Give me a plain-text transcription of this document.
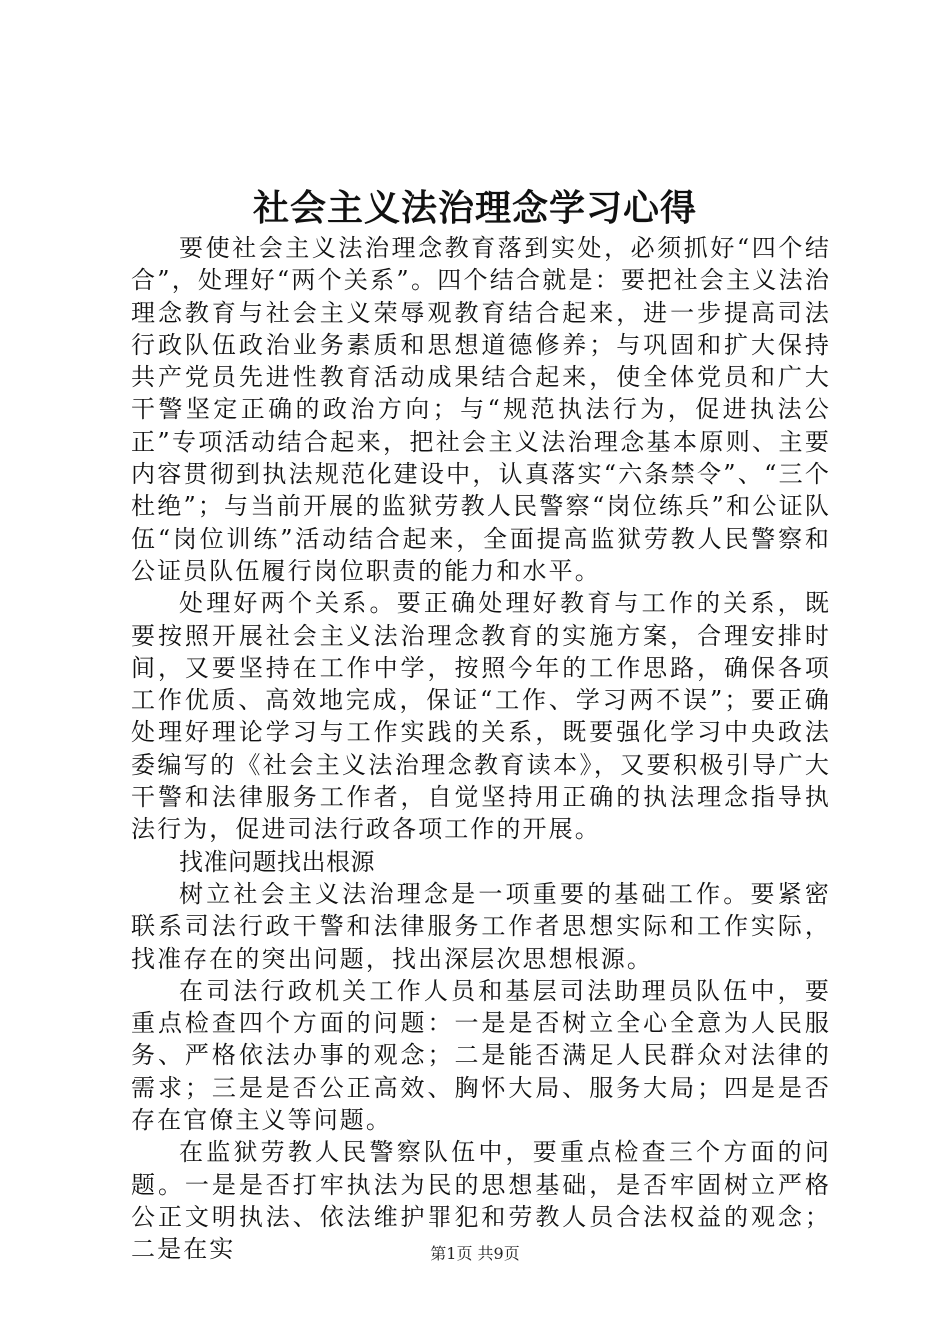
社会主义法治理念学习心得

要使社会主义法治理念教育落到实处，必须抓好“四个结合”，处理好“两个关系”。四个结合就是：要把社会主义法治理念教育与社会主义荣辱观教育结合起来，进一步提高司法行政队伍政治业务素质和思想道德修养；与巩固和扩大保持共产党员先进性教育活动成果结合起来，使全体党员和广大干警坚定正确的政治方向；与“规范执法行为，促进执法公正”专项活动结合起来，把社会主义法治理念基本原则、主要内容贯彻到执法规范化建设中，认真落实“六条禁令”、“三个杜绝”；与当前开展的监狱劳教人民警察“岗位练兵”和公证队伍“岗位训练”活动结合起来，全面提高监狱劳教人民警察和公证员队伍履行岗位职责的能力和水平。

处理好两个关系。要正确处理好教育与工作的关系，既要按照开展社会主义法治理念教育的实施方案，合理安排时间，又要坚持在工作中学，按照今年的工作思路，确保各项工作优质、高效地完成，保证“工作、学习两不误”；要正确处理好理论学习与工作实践的关系，既要强化学习中央政法委编写的《社会主义法治理念教育读本》，又要积极引导广大干警和法律服务工作者，自觉坚持用正确的执法理念指导执法行为，促进司法行政各项工作的开展。

找准问题找出根源

树立社会主义法治理念是一项重要的基础工作。要紧密联系司法行政干警和法律服务工作者思想实际和工作实际，找准存在的突出问题，找出深层次思想根源。

在司法行政机关工作人员和基层司法助理员队伍中，要重点检查四个方面的问题：一是是否树立全心全意为人民服务、严格依法办事的观念；二是能否满足人民群众对法律的需求；三是是否公正高效、胸怀大局、服务大局；四是是否存在官僚主义等问题。

在监狱劳教人民警察队伍中，要重点检查三个方面的问题。一是是否打牢执法为民的思想基础，是否牢固树立严格公正文明执法、依法维护罪犯和劳教人员合法权益的观念；二是在实	第1页 共9页
